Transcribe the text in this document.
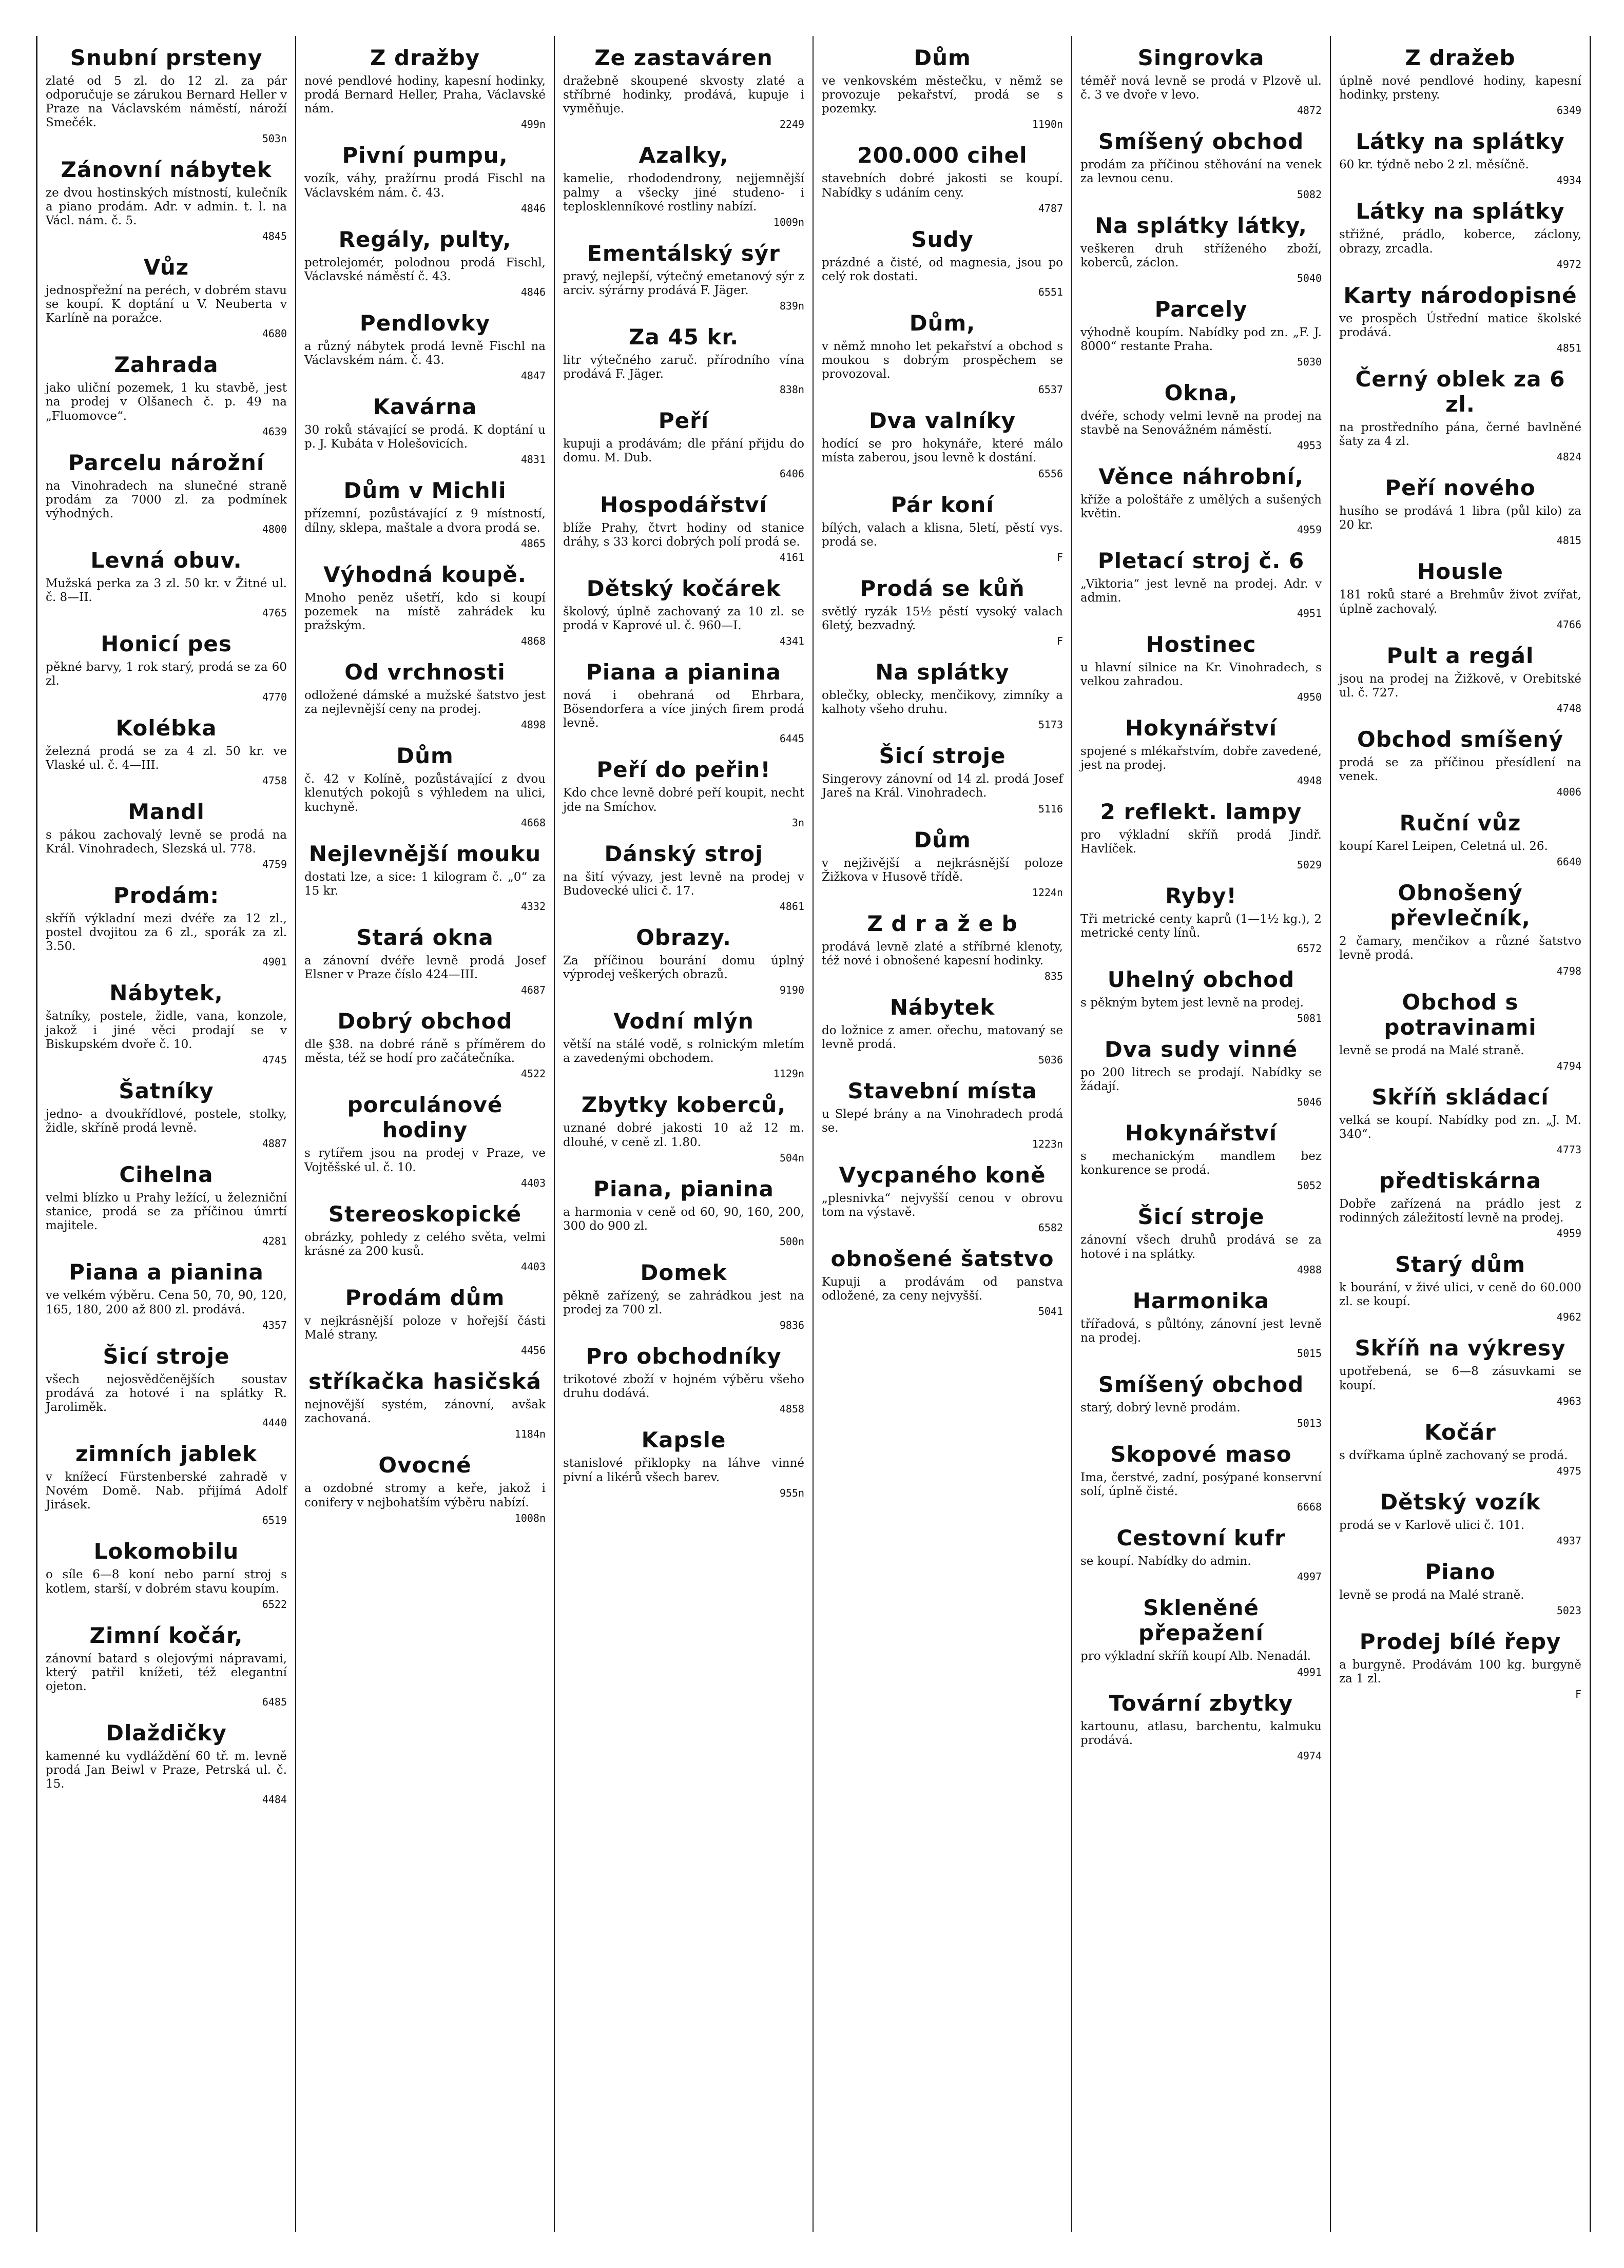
Snubní prsteny
zlaté od 5 zl. do 12 zl. za pár odporučuje se zárukou Bernard Heller v Praze na Václavském náměstí, nároží Smečék.
503n
Zánovní nábytek
ze dvou hostinských místností, kulečník a piano prodám. Adr. v admin. t. l. na Václ. nám. č. 5.
4845
Vůz
jednospřežní na peréch, v dobrém stavu se koupí. K doptání u V. Neuberta v Karlíně na poražce.
4680
Zahrada
jako uliční pozemek, 1 ku stavbě, jest na prodej v Olšanech č. p. 49 na „Fluomovce“.
4639
Parcelu nárožní
na Vinohradech na slunečné straně prodám za 7000 zl. za podmínek výhodných.
4800
Levná obuv.
Mužská perka za 3 zl. 50 kr. v Žitné ul. č. 8—II.
4765
Honicí pes
pěkné barvy, 1 rok starý, prodá se za 60 zl.
4770
Kolébka
železná prodá se za 4 zl. 50 kr. ve Vlaské ul. č. 4—III.
4758
Mandl
s pákou zachovalý levně se prodá na Král. Vinohradech, Slezská ul. 778.
4759
Prodám:
skříň výkladní mezi dvéře za 12 zl., postel dvojitou za 6 zl., sporák za zl. 3.50.
4901
Nábytek,
šatníky, postele, židle, vana, konzole, jakož i jiné věci prodají se v Biskupském dvoře č. 10.
4745
Šatníky
jedno- a dvoukřídlové, postele, stolky, židle, skříně prodá levně.
4887
Cihelna
velmi blízko u Prahy ležící, u železniční stanice, prodá se za příčinou úmrtí majitele.
4281
Piana a pianina
ve velkém výběru. Cena 50, 70, 90, 120, 165, 180, 200 až 800 zl. prodává.
4357
Šicí stroje
všech nejosvědčenějších soustav prodává za hotové i na splátky R. Jaroliměk.
4440
zimních jablek
v knížecí Fürstenberské zahradě v Novém Domě. Nab. přijímá Adolf Jirásek.
6519
Lokomobilu
o síle 6—8 koní nebo parní stroj s kotlem, starší, v dobrém stavu koupím.
6522
Zimní kočár,
zánovní batard s olejovými nápravami, který patřil knížeti, též elegantní ojeton.
6485
Dlaždičky
kamenné ku vydláždění 60 tř. m. levně prodá Jan Beiwl v Praze, Petrská ul. č. 15.
4484
Z dražby
nové pendlové hodiny, kapesní hodinky, prodá Bernard Heller, Praha, Václavské nám.
499n
Pivní pumpu,
vozík, váhy, pražírnu prodá Fischl na Václavském nám. č. 43.
4846
Regály, pulty,
petrolejomér, polodnou prodá Fischl, Václavské náměstí č. 43.
4846
Pendlovky
a různý nábytek prodá levně Fischl na Václavském nám. č. 43.
4847
Kavárna
30 roků stávající se prodá. K doptání u p. J. Kubáta v Holešovicích.
4831
Dům v Michli
přízemní, pozůstávající z 9 místností, dílny, sklepa, maštale a dvora prodá se.
4865
Výhodná koupě.
Mnoho peněz ušetří, kdo si koupí pozemek na místě zahrádek ku pražským.
4868
Od vrchnosti
odložené dámské a mužské šatstvo jest za nejlevnější ceny na prodej.
4898
Dům
č. 42 v Kolíně, pozůstávající z dvou klenutých pokojů s výhledem na ulici, kuchyně.
4668
Nejlevnější mouku
dostati lze, a sice: 1 kilogram č. „0“ za 15 kr.
4332
Stará okna
a zánovní dvéře levně prodá Josef Elsner v Praze číslo 424—III.
4687
Dobrý obchod
dle §38. na dobré ráně s příměrem do města, též se hodí pro začátečníka.
4522
porculánové hodiny
s rytířem jsou na prodej v Praze, ve Vojtěšské ul. č. 10.
4403
Stereoskopické
obrázky, pohledy z celého světa, velmi krásné za 200 kusů.
4403
Prodám dům
v nejkrásnější poloze v hořejší části Malé strany.
4456
stříkačka hasičská
nejnovější systém, zánovní, avšak zachovaná.
1184n
Ovocné
a ozdobné stromy a keře, jakož i conifery v nejbohatším výběru nabízí.
1008n
Ze zastaváren
dražebně skoupené skvosty zlaté a stříbrné hodinky, prodává, kupuje i vyměňuje.
2249
Azalky,
kamelie, rhododendrony, nejjemnější palmy a všecky jiné studeno- i teplosklenníkové rostliny nabízí.
1009n
Ementálský sýr
pravý, nejlepší, výtečný emetanový sýr z arciv. sýrárny prodává F. Jäger.
839n
Za 45 kr.
litr výtečného zaruč. přírodního vína prodává F. Jäger.
838n
Peří
kupuji a prodávám; dle přání přijdu do domu. M. Dub.
6406
Hospodářství
blíže Prahy, čtvrt hodiny od stanice dráhy, s 33 korci dobrých polí prodá se.
4161
Dětský kočárek
školový, úplně zachovaný za 10 zl. se prodá v Kaprové ul. č. 960—I.
4341
Piana a pianina
nová i obehraná od Ehrbara, Bösendorfera a více jiných firem prodá levně.
6445
Peří do peřin!
Kdo chce levně dobré peří koupit, necht jde na Smíchov.
3n
Dánský stroj
na šití vývazy, jest levně na prodej v Budovecké ulici č. 17.
4861
Obrazy.
Za příčinou bourání domu úplný výprodej veškerých obrazů.
9190
Vodní mlýn
větší na stálé vodě, s rolnickým mletím a zavedenými obchodem.
1129n
Zbytky koberců,
uznané dobré jakosti 10 až 12 m. dlouhé, v ceně zl. 1.80.
504n
Piana, pianina
a harmonia v ceně od 60, 90, 160, 200, 300 do 900 zl.
500n
Domek
pěkně zařízený, se zahrádkou jest na prodej za 700 zl.
9836
Pro obchodníky
trikotové zboží v hojném výběru všeho druhu dodává.
4858
Kapsle
stanislové přiklopky na láhve vinné pivní a likérů všech barev.
955n
Dům
ve venkovském městečku, v němž se provozuje pekařství, prodá se s pozemky.
1190n
200.000 cihel
stavebních dobré jakosti se koupí. Nabídky s udáním ceny.
4787
Sudy
prázdné a čisté, od magnesia, jsou po celý rok dostati.
6551
Dům,
v němž mnoho let pekařství a obchod s moukou s dobrým prospěchem se provozoval.
6537
Dva valníky
hodící se pro hokynáře, které málo místa zaberou, jsou levně k dostání.
6556
Pár koní
bílých, valach a klisna, 5letí, pěstí vys. prodá se.
F
Prodá se kůň
světlý ryzák 15½ pěstí vysoký valach 6letý, bezvadný.
F
Na splátky
oblečky, oblecky, menčikovy, zimníky a kalhoty všeho druhu.
5173
Šicí stroje
Singerovy zánovní od 14 zl. prodá Josef Jareš na Král. Vinohradech.
5116
Dům
v nejživější a nejkrásnější poloze Žižkova v Husově třídě.
1224n
Z d r a ž e b
prodává levně zlaté a stříbrné klenoty, též nové i obnošené kapesní hodinky.
835
Nábytek
do ložnice z amer. ořechu, matovaný se levně prodá.
5036
Stavební místa
u Slepé brány a na Vinohradech prodá se.
1223n
Vycpaného koně
„plesnivka“ nejvyšší cenou v obrovu tom na výstavě.
6582
obnošené šatstvo
Kupuji a prodávám od panstva odložené, za ceny nejvyšší.
5041
Singrovka
téměř nová levně se prodá v Plzově ul. č. 3 ve dvoře v levo.
4872
Smíšený obchod
prodám za příčinou stěhování na venek za levnou cenu.
5082
Na splátky látky,
veškeren druh stříženého zboží, koberců, záclon.
5040
Parcely
výhodně koupím. Nabídky pod zn. „F. J. 8000“ restante Praha.
5030
Okna,
dvéře, schody velmi levně na prodej na stavbě na Senovážném náměstí.
4953
Věnce náhrobní,
kříže a pološtáře z umělých a sušených květin.
4959
Pletací stroj č. 6
„Viktoria“ jest levně na prodej. Adr. v admin.
4951
Hostinec
u hlavní silnice na Kr. Vinohradech, s velkou zahradou.
4950
Hokynářství
spojené s mlékařstvím, dobře zavedené, jest na prodej.
4948
2 reflekt. lampy
pro výkladní skříň prodá Jindř. Havlíček.
5029
Ryby!
Tři metrické centy kaprů (1—1½ kg.), 2 metrické centy línů.
6572
Uhelný obchod
s pěkným bytem jest levně na prodej.
5081
Dva sudy vinné
po 200 litrech se prodají. Nabídky se žádají.
5046
Hokynářství
s mechanickým mandlem bez konkurence se prodá.
5052
Šicí stroje
zánovní všech druhů prodává se za hotové i na splátky.
4988
Harmonika
třířadová, s půltóny, zánovní jest levně na prodej.
5015
Smíšený obchod
starý, dobrý levně prodám.
5013
Skopové maso
Ima, čerstvé, zadní, posýpané konservní solí, úplně čisté.
6668
Cestovní kufr
se koupí. Nabídky do admin.
4997
Skleněné přepažení
pro výkladní skříň koupí Alb. Nenadál.
4991
Tovární zbytky
kartounu, atlasu, barchentu, kalmuku prodává.
4974
Z dražeb
úplně nové pendlové hodiny, kapesní hodinky, prsteny.
6349
Látky na splátky
60 kr. týdně nebo 2 zl. měsíčně.
4934
Látky na splátky
střižné, prádlo, koberce, záclony, obrazy, zrcadla.
4972
Karty národopisné
ve prospěch Ústřední matice školské prodává.
4851
Černý oblek za 6 zl.
na prostředního pána, černé bavlněné šaty za 4 zl.
4824
Peří nového
husího se prodává 1 libra (půl kilo) za 20 kr.
4815
Housle
181 roků staré a Brehmův život zvířat, úplně zachovalý.
4766
Pult a regál
jsou na prodej na Žižkově, v Orebitské ul. č. 727.
4748
Obchod smíšený
prodá se za příčinou přesídlení na venek.
4006
Ruční vůz
koupí Karel Leipen, Celetná ul. 26.
6640
Obnošený převlečník,
2 čamary, menčikov a různé šatstvo levně prodá.
4798
Obchod s potravinami
levně se prodá na Malé straně.
4794
Skříň skládací
velká se koupí. Nabídky pod zn. „J. M. 340“.
4773
předtiskárna
Dobře zařízená na prádlo jest z rodinných záležitostí levně na prodej.
4959
Starý dům
k bourání, v živé ulici, v ceně do 60.000 zl. se koupí.
4962
Skříň na výkresy
upotřebená, se 6—8 zásuvkami se koupí.
4963
Kočár
s dvířkama úplně zachovaný se prodá.
4975
Dětský vozík
prodá se v Karlově ulici č. 101.
4937
Piano
levně se prodá na Malé straně.
5023
Prodej bílé řepy
a burgyně. Prodávám 100 kg. burgyně za 1 zl.
F
